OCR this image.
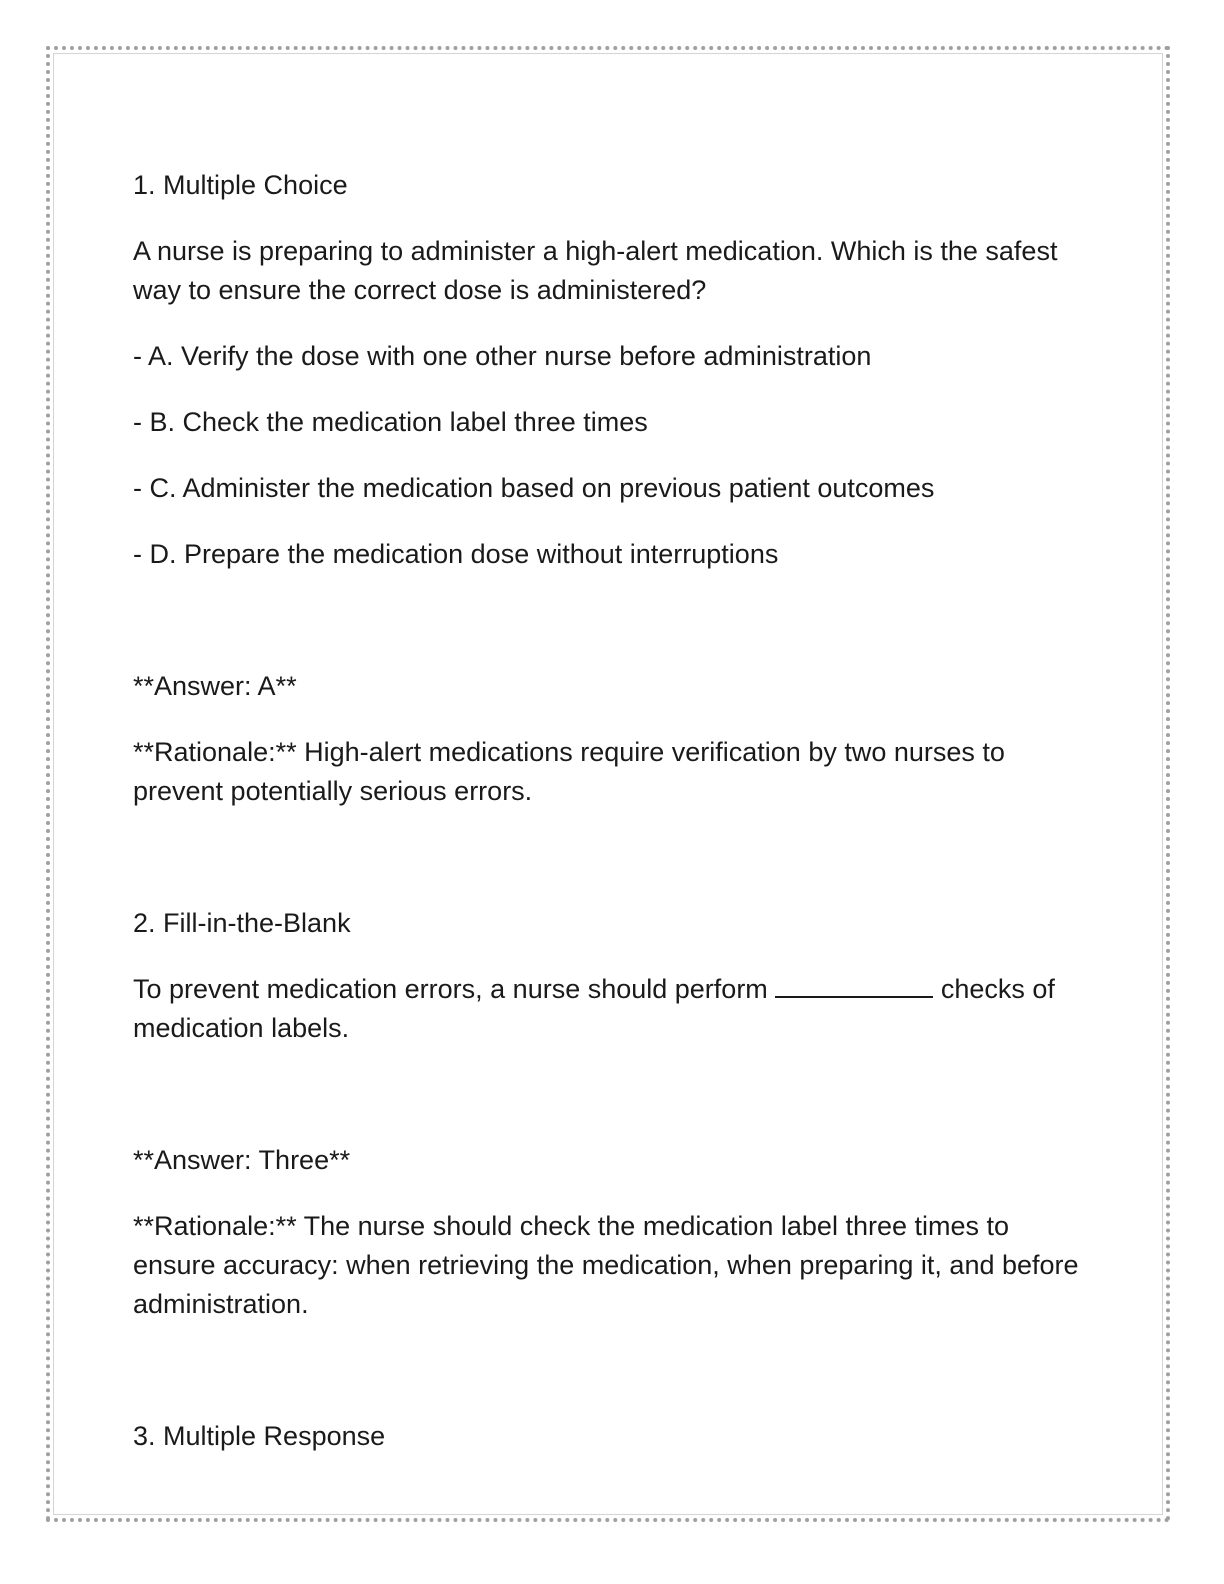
1. Multiple Choice

A nurse is preparing to administer a high-alert medication. Which is the safest way to ensure the correct dose is administered?

- A. Verify the dose with one other nurse before administration

- B. Check the medication label three times

- C. Administer the medication based on previous patient outcomes

- D. Prepare the medication dose without interruptions

**Answer: A**

**Rationale:** High-alert medications require verification by two nurses to prevent potentially serious errors.

2. Fill-in-the-Blank

To prevent medication errors, a nurse should perform	checks of medication labels.

**Answer: Three**

**Rationale:** The nurse should check the medication label three times to ensure accuracy: when retrieving the medication, when preparing it, and before administration.

3. Multiple Response
